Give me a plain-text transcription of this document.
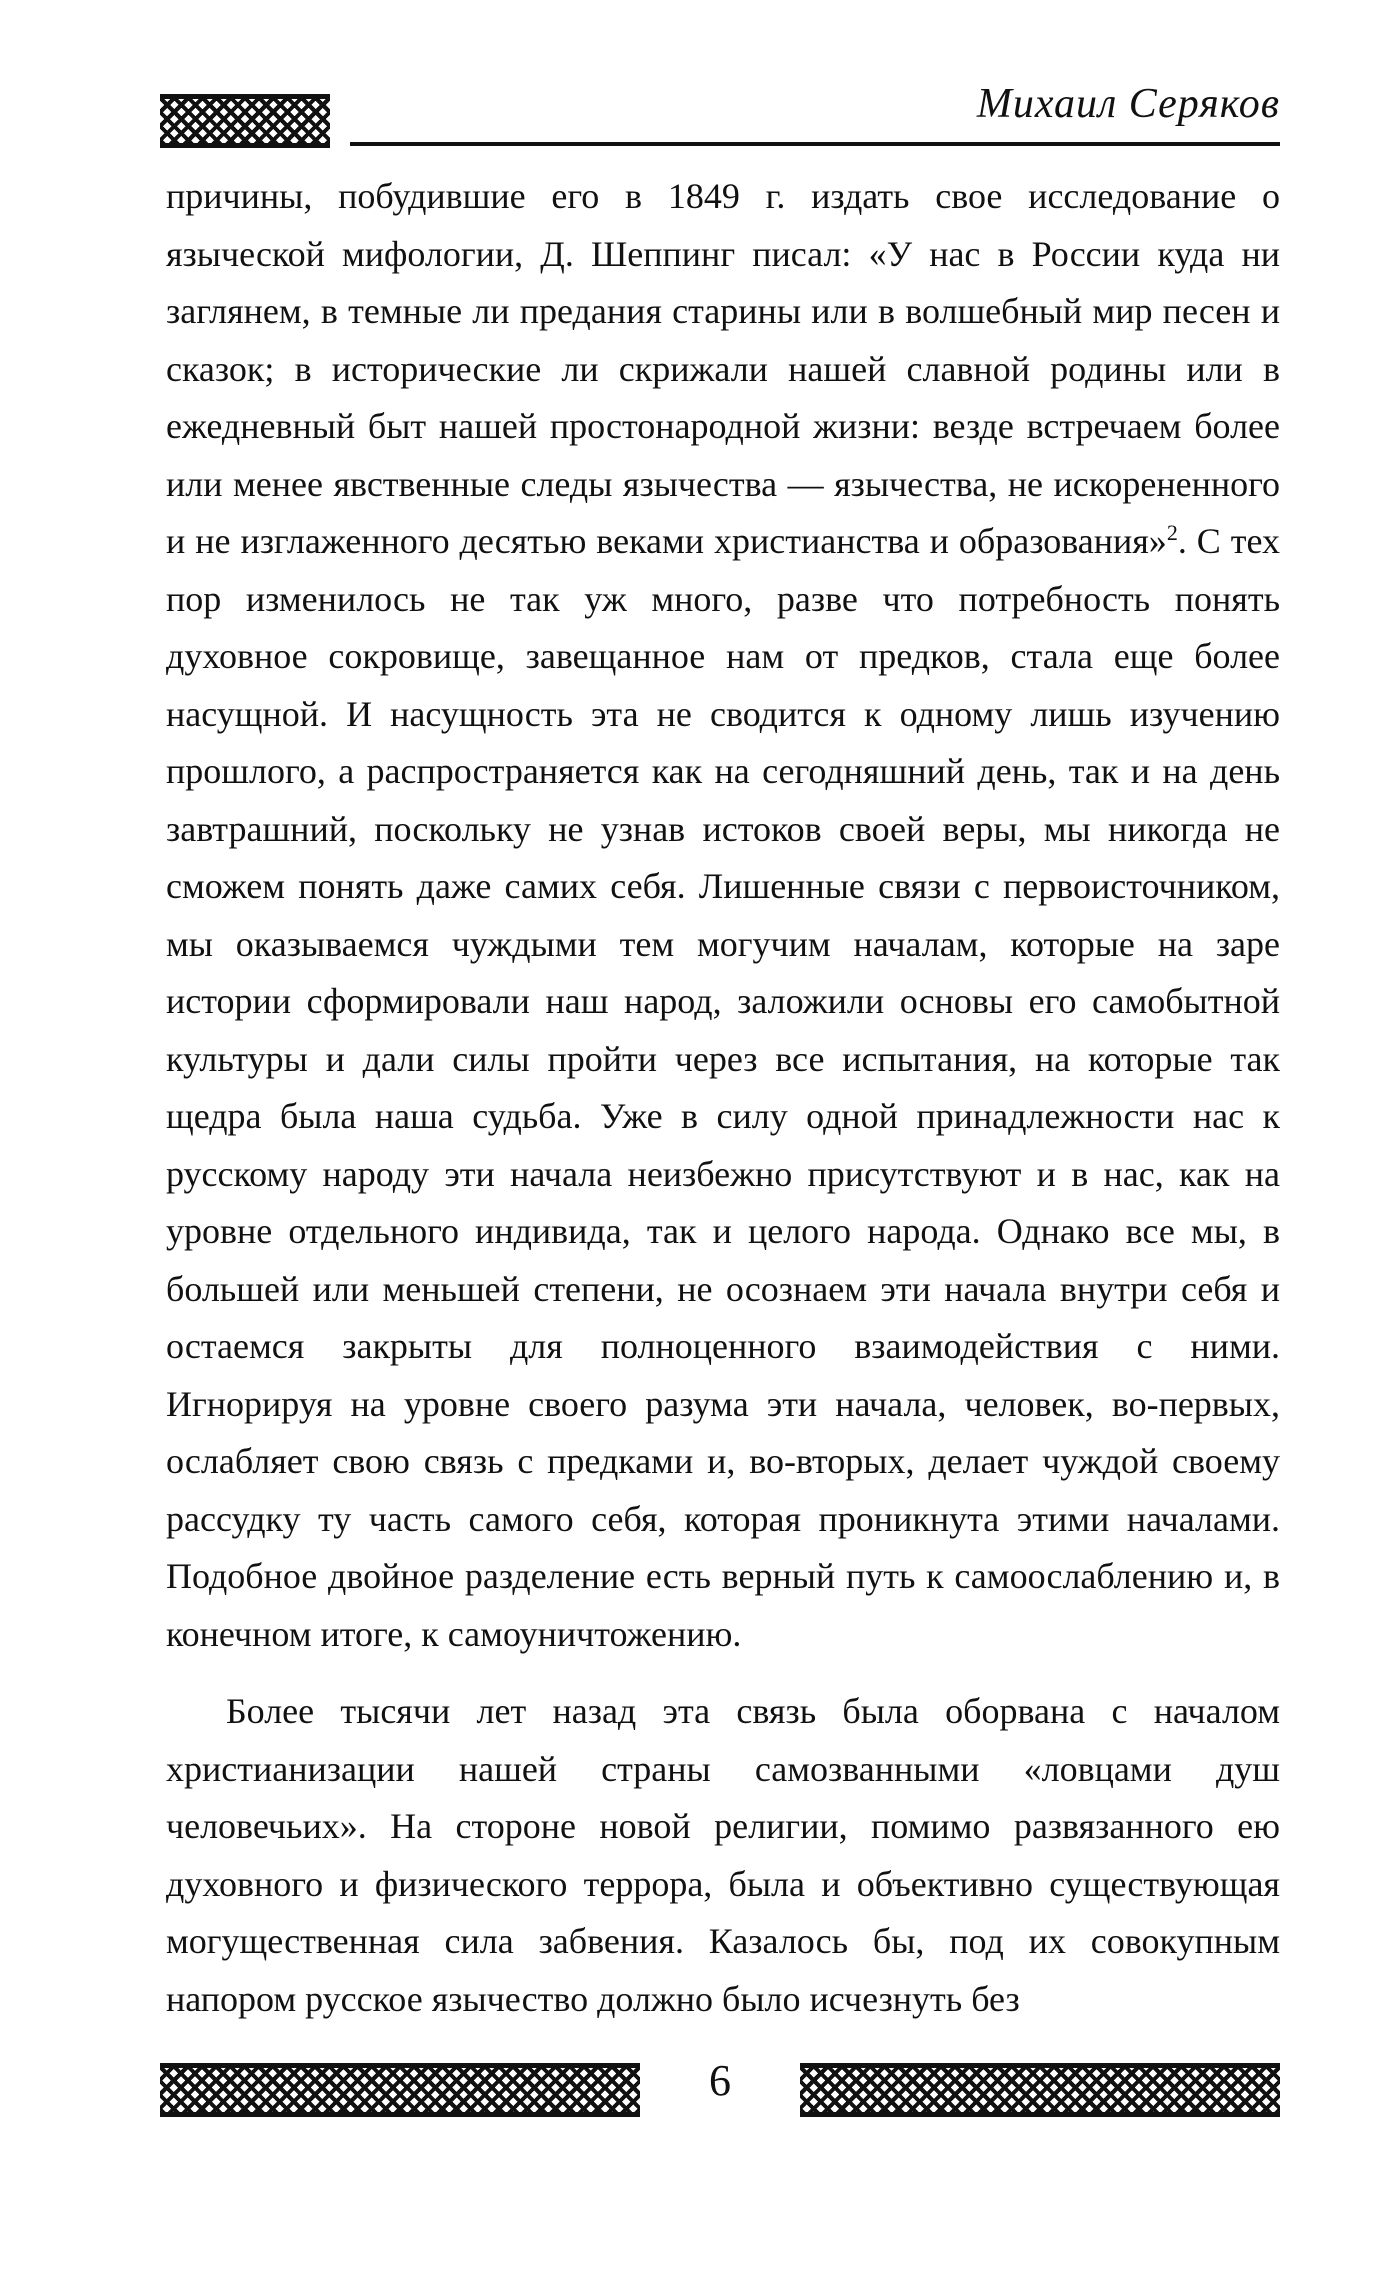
Михаил Серяков

причины, побудившие его в 1849 г. издать свое исследование о языческой мифологии, Д. Шеппинг писал: «У нас в России куда ни заглянем, в темные ли предания старины или в волшебный мир песен и сказок; в исторические ли скрижали нашей славной родины или в ежедневный быт нашей простонародной жизни: везде встречаем более или менее явственные следы язычества — язычества, не искорененного и не изглаженного десятью веками христианства и образования»$^2$. С тех пор изменилось не так уж много, разве что потребность понять духовное сокровище, завещанное нам от предков, стала еще более насущной. И насущность эта не сводится к одному лишь изучению прошлого, а распространяется как на сегодняшний день, так и на день завтрашний, поскольку не узнав истоков своей веры, мы никогда не сможем понять даже самих себя. Лишенные связи с первоисточником, мы оказываемся чуждыми тем могучим началам, которые на заре истории сформировали наш народ, заложили основы его самобытной культуры и дали силы пройти через все испытания, на которые так щедра была наша судьба. Уже в силу одной принадлежности нас к русскому народу эти начала неизбежно присутствуют и в нас, как на уровне отдельного индивида, так и целого народа. Однако все мы, в большей или меньшей степени, не осознаем эти начала внутри себя и остаемся закрыты для полноценного взаимодействия с ними. Игнорируя на уровне своего разума эти начала, человек, во-первых, ослабляет свою связь с предками и, во-вторых, делает чуждой своему рассудку ту часть самого себя, которая проникнута этими началами. Подобное двойное разделение есть верный путь к самоослаблению и, в конечном итоге, к самоуничтожению.

Более тысячи лет назад эта связь была оборвана с началом христианизации нашей страны самозванными «ловцами душ человечьих». На стороне новой религии, помимо развязанного ею духовного и физического террора, была и объективно существующая могущественная сила забвения. Казалось бы, под их совокупным напором русское язычество должно было исчезнуть без

6
